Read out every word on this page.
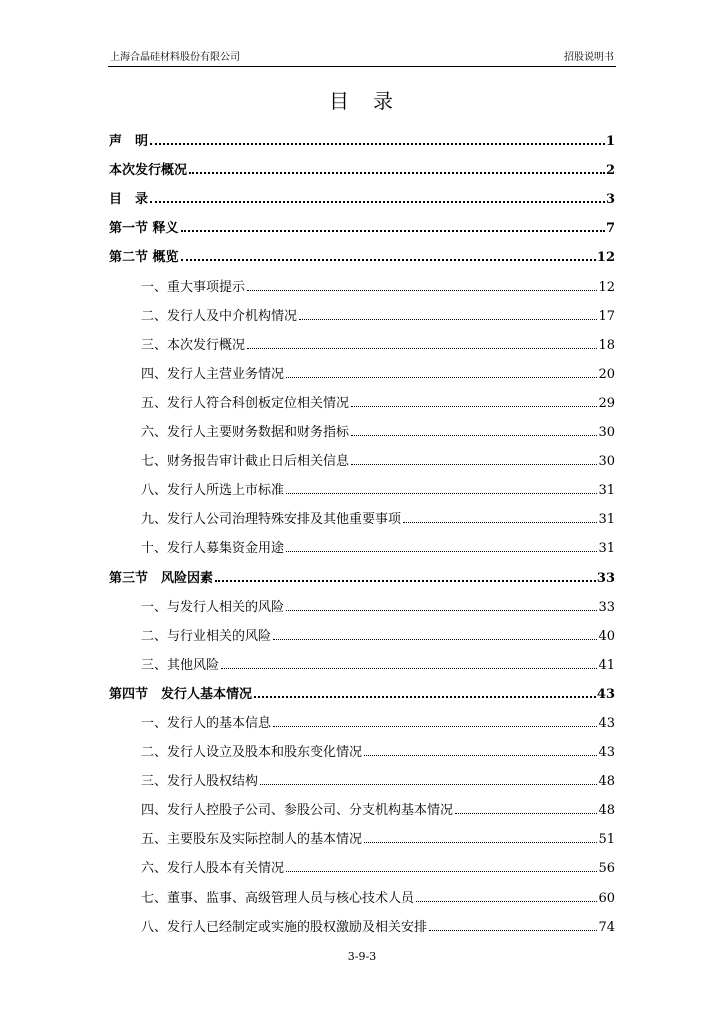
上海合晶硅材料股份有限公司	招股说明书
目　录
声　明	1
本次发行概况	2
目　录	3
第一节 释义	7
第二节 概览	12
一、重大事项提示	12
二、发行人及中介机构情况	17
三、本次发行概况	18
四、发行人主营业务情况	20
五、发行人符合科创板定位相关情况	29
六、发行人主要财务数据和财务指标	30
七、财务报告审计截止日后相关信息	30
八、发行人所选上市标准	31
九、发行人公司治理特殊安排及其他重要事项	31
十、发行人募集资金用途	31
第三节　风险因素	33
一、与发行人相关的风险	33
二、与行业相关的风险	40
三、其他风险	41
第四节　发行人基本情况	43
一、发行人的基本信息	43
二、发行人设立及股本和股东变化情况	43
三、发行人股权结构	48
四、发行人控股子公司、参股公司、分支机构基本情况	48
五、主要股东及实际控制人的基本情况	51
六、发行人股本有关情况	56
七、董事、监事、高级管理人员与核心技术人员	60
八、发行人已经制定或实施的股权激励及相关安排	74
3-9-3
